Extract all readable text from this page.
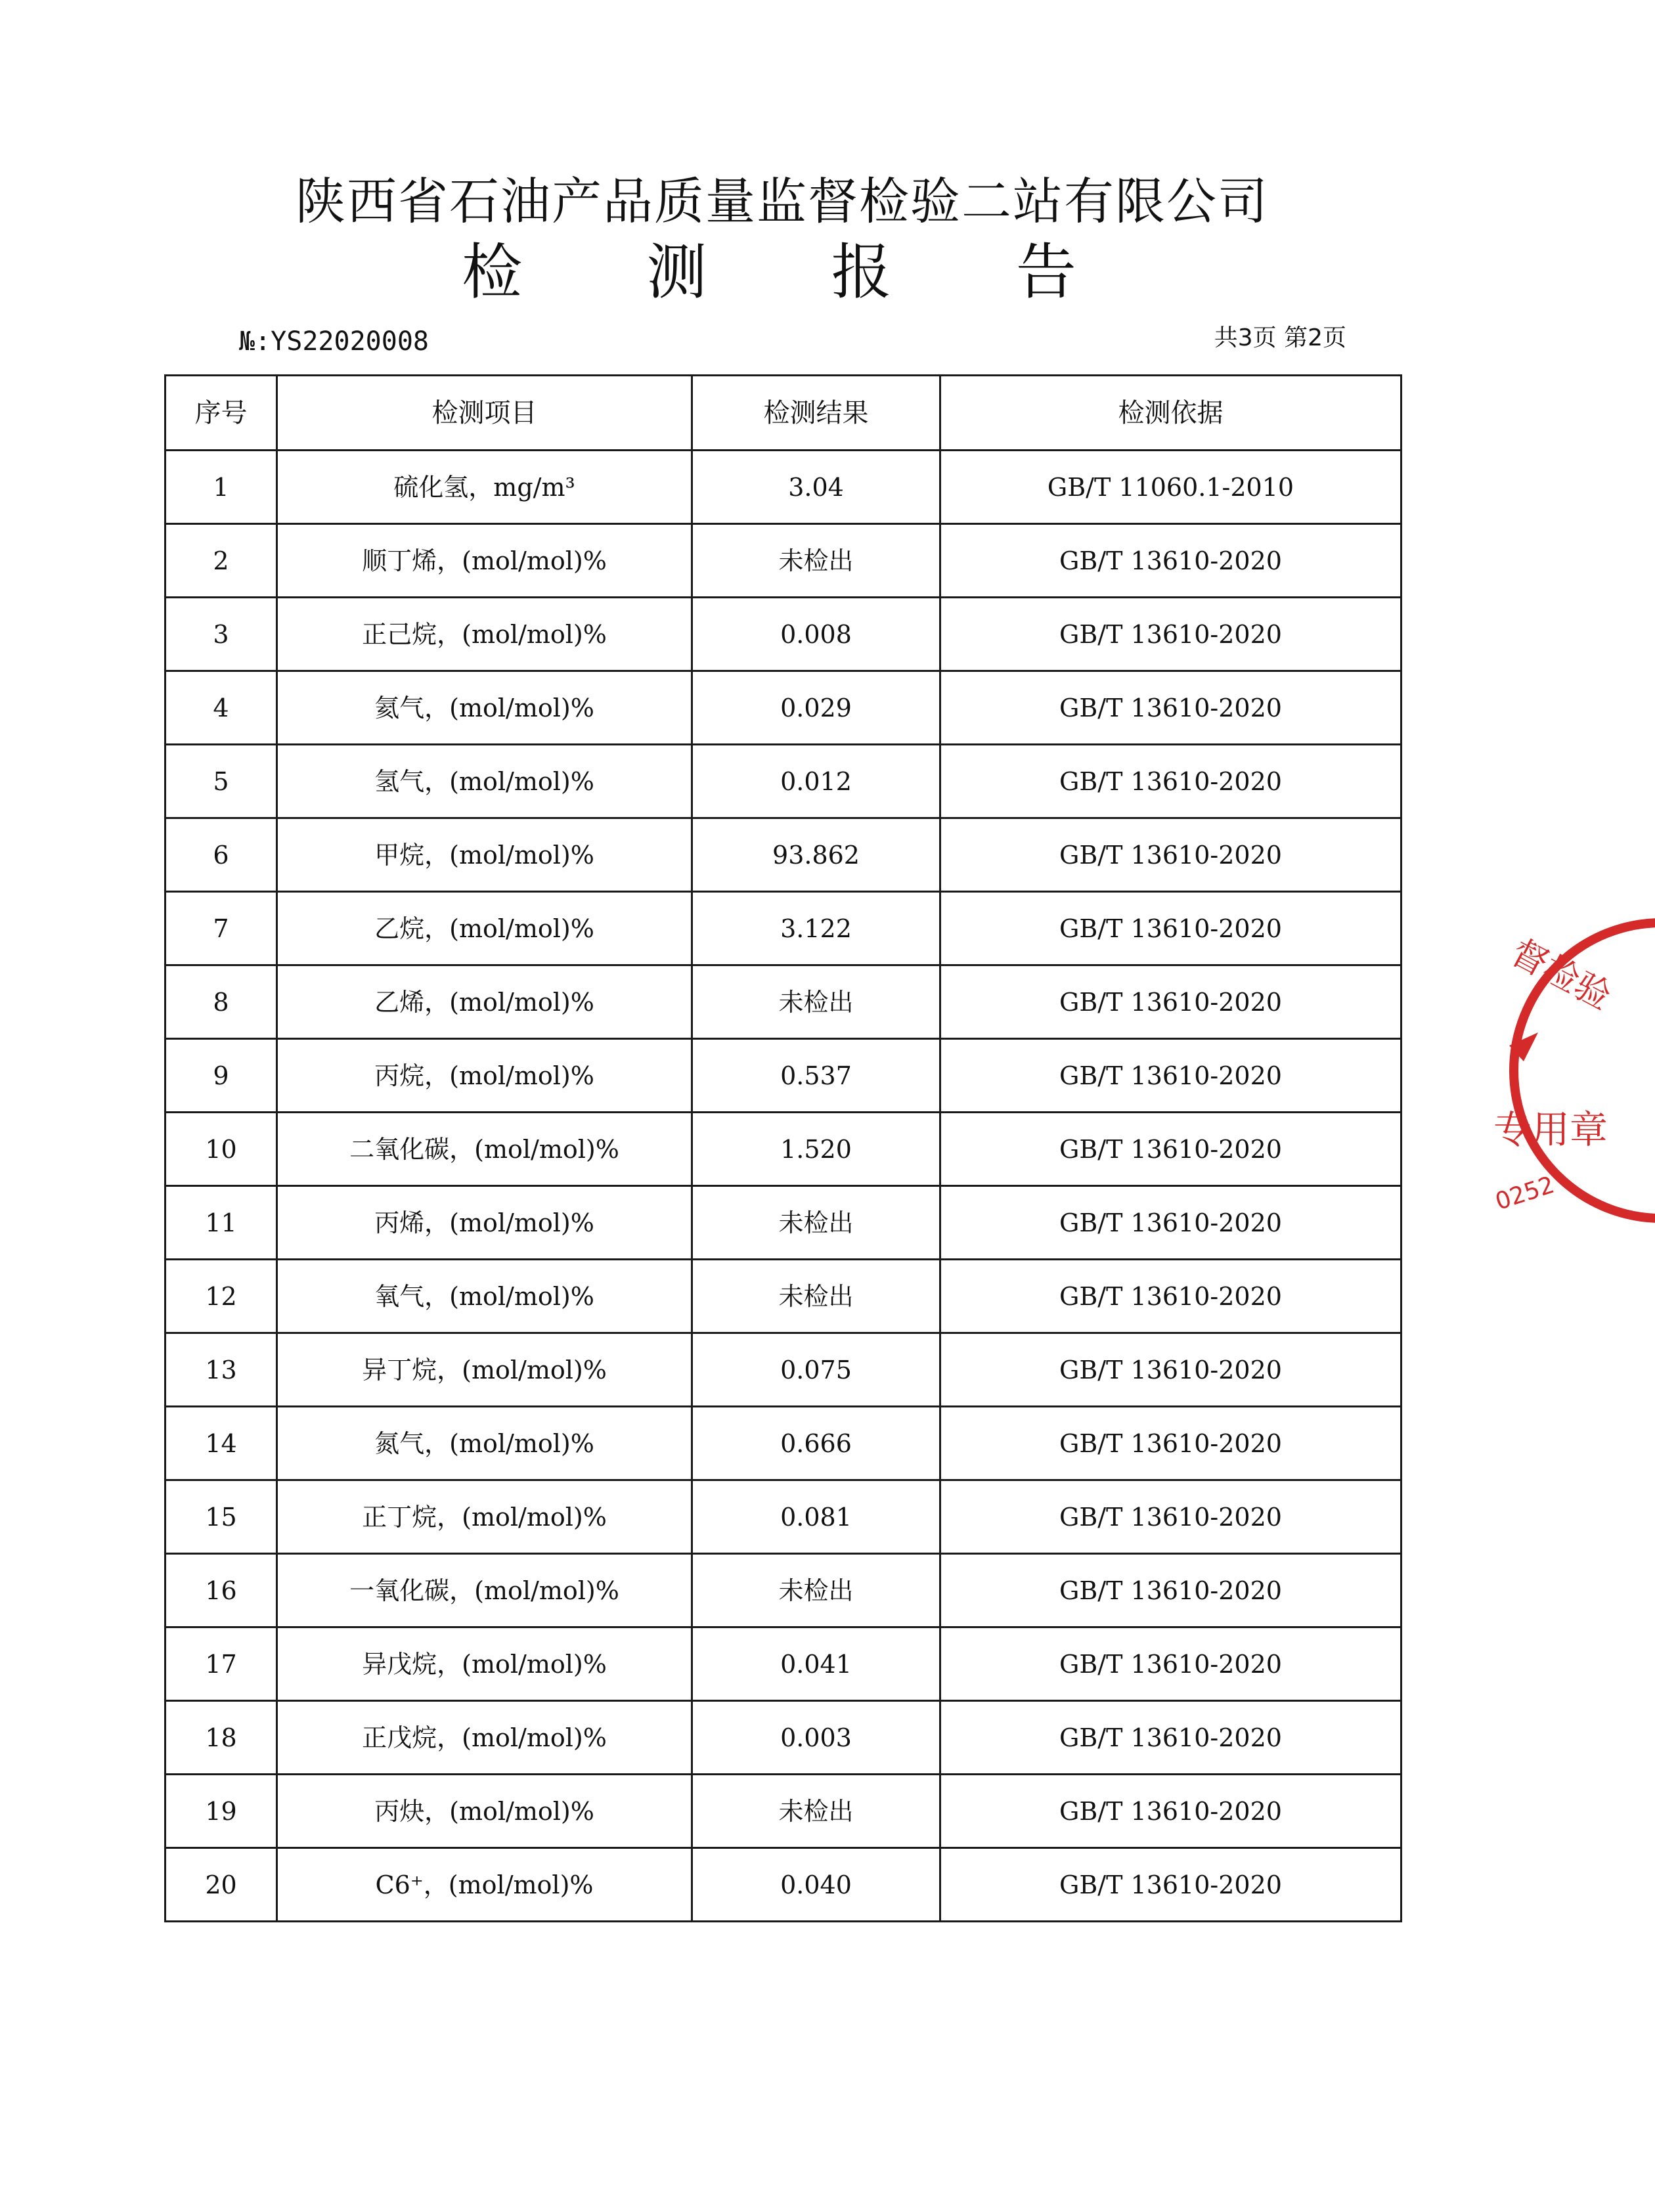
陕西省石油产品质量监督检验二站有限公司
检 测 报 告
№:YS22020008	共3页 第2页
序号	检测项目	检测结果	检测依据
1	硫化氢，mg/m³	3.04	GB/T 11060.1-2010
2	顺丁烯，(mol/mol)%	未检出	GB/T 13610-2020
3	正己烷，(mol/mol)%	0.008	GB/T 13610-2020
4	氦气，(mol/mol)%	0.029	GB/T 13610-2020
5	氢气，(mol/mol)%	0.012	GB/T 13610-2020
6	甲烷，(mol/mol)%	93.862	GB/T 13610-2020
7	乙烷，(mol/mol)%	3.122	GB/T 13610-2020
8	乙烯，(mol/mol)%	未检出	GB/T 13610-2020
9	丙烷，(mol/mol)%	0.537	GB/T 13610-2020
10	二氧化碳，(mol/mol)%	1.520	GB/T 13610-2020
11	丙烯，(mol/mol)%	未检出	GB/T 13610-2020
12	氧气，(mol/mol)%	未检出	GB/T 13610-2020
13	异丁烷，(mol/mol)%	0.075	GB/T 13610-2020
14	氮气，(mol/mol)%	0.666	GB/T 13610-2020
15	正丁烷，(mol/mol)%	0.081	GB/T 13610-2020
16	一氧化碳，(mol/mol)%	未检出	GB/T 13610-2020
17	异戊烷，(mol/mol)%	0.041	GB/T 13610-2020
18	正戊烷，(mol/mol)%	0.003	GB/T 13610-2020
19	丙炔，(mol/mol)%	未检出	GB/T 13610-2020
20	C6⁺，(mol/mol)%	0.040	GB/T 13610-2020
督检验
专用章
0252
